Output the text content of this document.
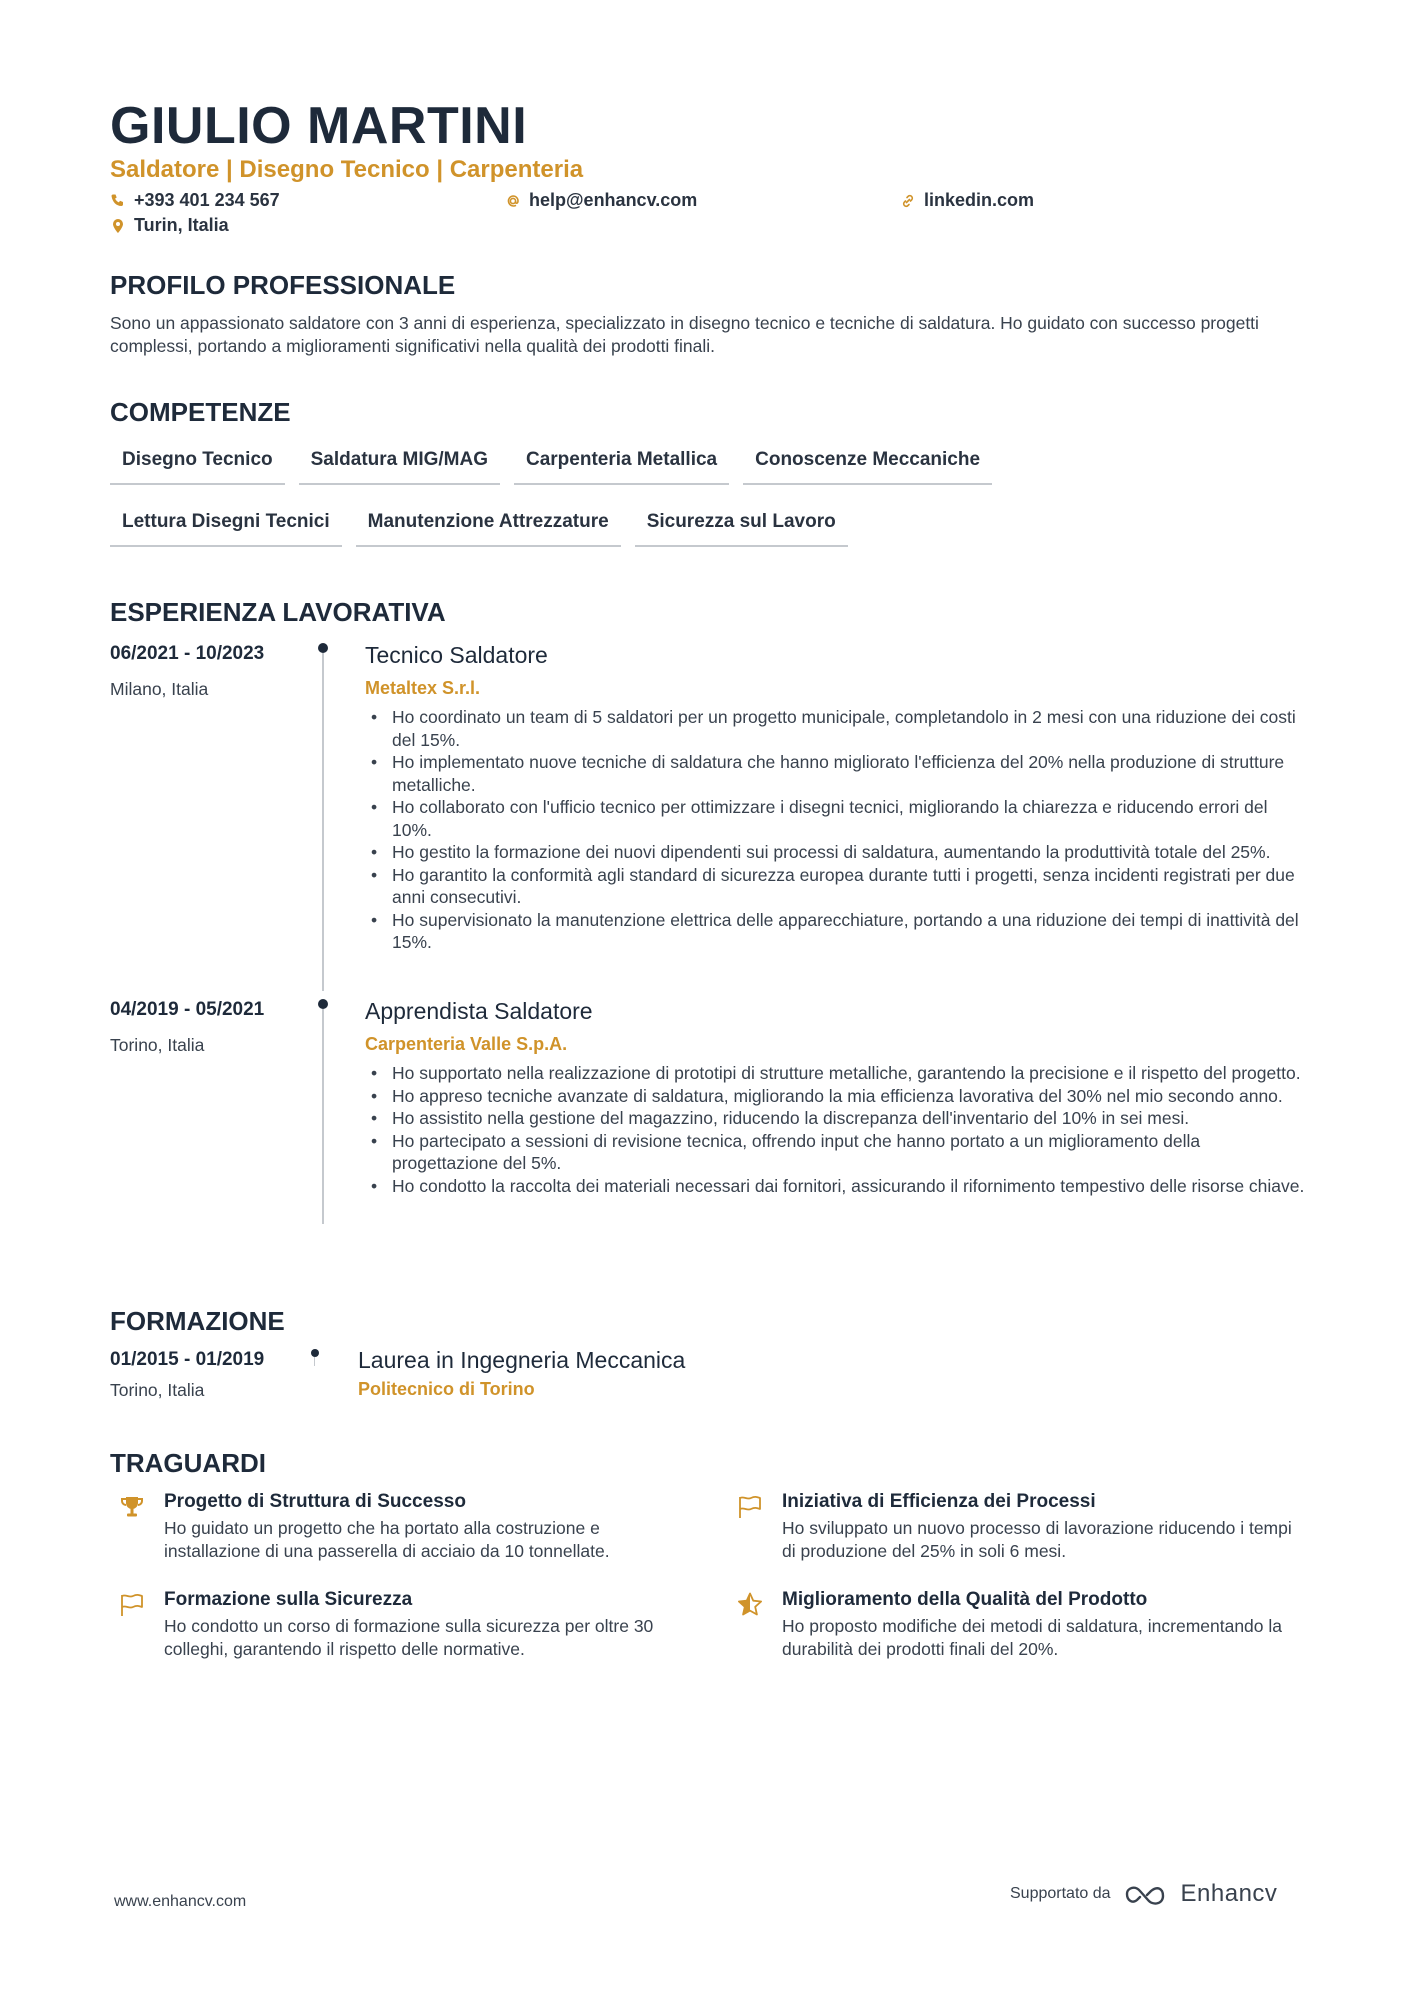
GIULIO MARTINI
Saldatore | Disegno Tecnico | Carpenteria
+393 401 234 567	help@enhancv.com	linkedin.com
Turin, Italia
PROFILO PROFESSIONALE
Sono un appassionato saldatore con 3 anni di esperienza, specializzato in disegno tecnico e tecniche di saldatura. Ho guidato con successo progetti complessi, portando a miglioramenti significativi nella qualità dei prodotti finali.
COMPETENZE
Disegno Tecnico	Saldatura MIG/MAG	Carpenteria Metallica	Conoscenze Meccaniche
Lettura Disegni Tecnici	Manutenzione Attrezzature	Sicurezza sul Lavoro
ESPERIENZA LAVORATIVA
06/2021 - 10/2023
Milano, Italia
Tecnico Saldatore
Metaltex S.r.l.
• Ho coordinato un team di 5 saldatori per un progetto municipale, completandolo in 2 mesi con una riduzione dei costi del 15%.
• Ho implementato nuove tecniche di saldatura che hanno migliorato l'efficienza del 20% nella produzione di strutture metalliche.
• Ho collaborato con l'ufficio tecnico per ottimizzare i disegni tecnici, migliorando la chiarezza e riducendo errori del 10%.
• Ho gestito la formazione dei nuovi dipendenti sui processi di saldatura, aumentando la produttività totale del 25%.
• Ho garantito la conformità agli standard di sicurezza europea durante tutti i progetti, senza incidenti registrati per due anni consecutivi.
• Ho supervisionato la manutenzione elettrica delle apparecchiature, portando a una riduzione dei tempi di inattività del 15%.
04/2019 - 05/2021
Torino, Italia
Apprendista Saldatore
Carpenteria Valle S.p.A.
• Ho supportato nella realizzazione di prototipi di strutture metalliche, garantendo la precisione e il rispetto del progetto.
• Ho appreso tecniche avanzate di saldatura, migliorando la mia efficienza lavorativa del 30% nel mio secondo anno.
• Ho assistito nella gestione del magazzino, riducendo la discrepanza dell'inventario del 10% in sei mesi.
• Ho partecipato a sessioni di revisione tecnica, offrendo input che hanno portato a un miglioramento della progettazione del 5%.
• Ho condotto la raccolta dei materiali necessari dai fornitori, assicurando il rifornimento tempestivo delle risorse chiave.
FORMAZIONE
01/2015 - 01/2019
Torino, Italia
Laurea in Ingegneria Meccanica
Politecnico di Torino
TRAGUARDI
Progetto di Struttura di Successo
Ho guidato un progetto che ha portato alla costruzione e installazione di una passerella di acciaio da 10 tonnellate.
Iniziativa di Efficienza dei Processi
Ho sviluppato un nuovo processo di lavorazione riducendo i tempi di produzione del 25% in soli 6 mesi.
Formazione sulla Sicurezza
Ho condotto un corso di formazione sulla sicurezza per oltre 30 colleghi, garantendo il rispetto delle normative.
Miglioramento della Qualità del Prodotto
Ho proposto modifiche dei metodi di saldatura, incrementando la durabilità dei prodotti finali del 20%.
www.enhancv.com	Supportato da	Enhancv
